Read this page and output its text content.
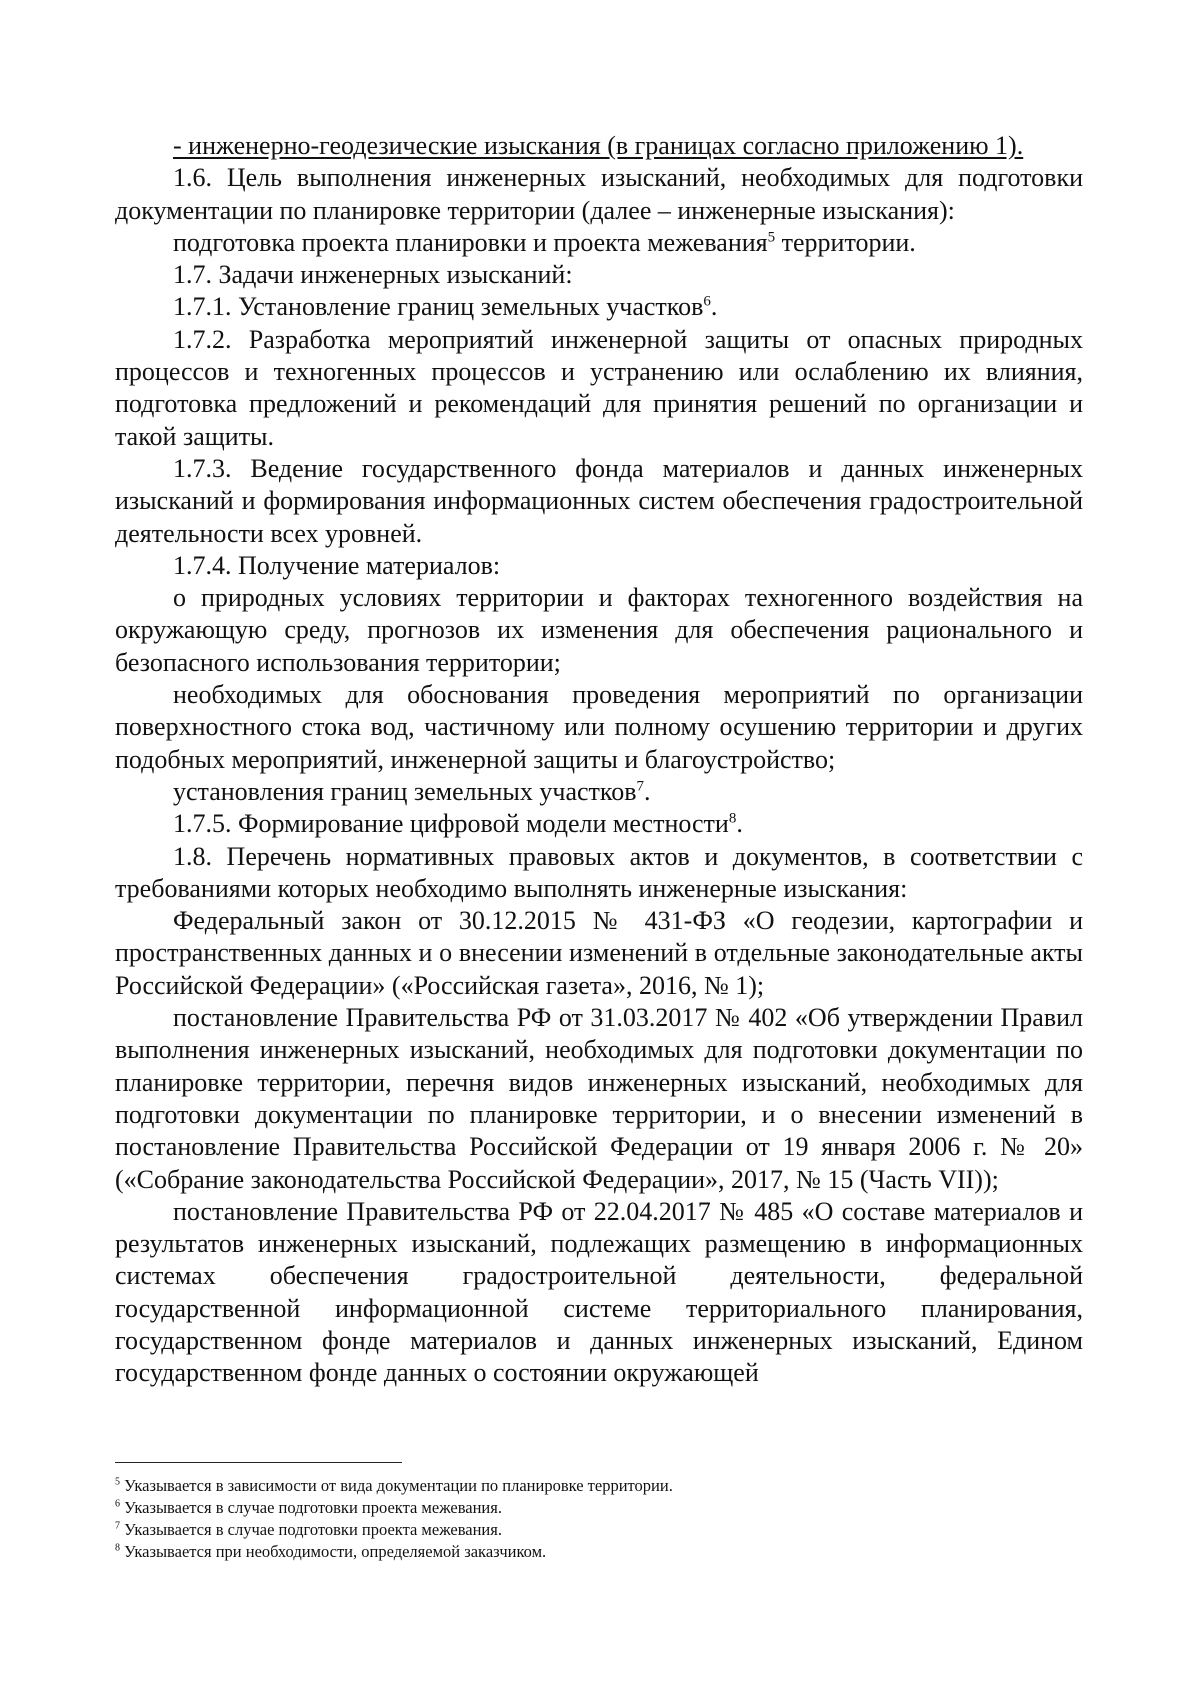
- инженерно-геодезические изыскания (в границах согласно приложению 1).

1.6. Цель выполнения инженерных изысканий, необходимых для подготовки документации по планировке территории (далее – инженерные изыскания):

подготовка проекта планировки и проекта межевания$^5$ территории.

1.7. Задачи инженерных изысканий:

1.7.1. Установление границ земельных участков$^6$.

1.7.2. Разработка мероприятий инженерной защиты от опасных природных процессов и техногенных процессов и устранению или ослаблению их влияния, подготовка предложений и рекомендаций для принятия решений по организации и такой защиты.

1.7.3. Ведение государственного фонда материалов и данных инженерных изысканий и формирования информационных систем обеспечения градостроительной деятельности всех уровней.

1.7.4. Получение материалов:

о природных условиях территории и факторах техногенного воздействия на окружающую среду, прогнозов их изменения для обеспечения рационального и безопасного использования территории;

необходимых для обоснования проведения мероприятий по организации поверхностного стока вод, частичному или полному осушению территории и других подобных мероприятий, инженерной защиты и благоустройство;

установления границ земельных участков$^7$.

1.7.5. Формирование цифровой модели местности$^8$.

1.8. Перечень нормативных правовых актов и документов, в соответствии с требованиями которых необходимо выполнять инженерные изыскания:

Федеральный закон от 30.12.2015 № 431-ФЗ «О геодезии, картографии и пространственных данных и о внесении изменений в отдельные законодательные акты Российской Федерации» («Российская газета», 2016, № 1);

постановление Правительства РФ от 31.03.2017 № 402 «Об утверждении Правил выполнения инженерных изысканий, необходимых для подготовки документации по планировке территории, перечня видов инженерных изысканий, необходимых для подготовки документации по планировке территории, и о внесении изменений в постановление Правительства Российской Федерации от 19 января 2006 г. № 20» («Собрание законодательства Российской Федерации», 2017, № 15 (Часть VII));

постановление Правительства РФ от 22.04.2017 № 485 «О составе материалов и результатов инженерных изысканий, подлежащих размещению в информационных системах обеспечения градостроительной деятельности, федеральной государственной информационной системе территориального планирования, государственном фонде материалов и данных инженерных изысканий, Едином государственном фонде данных о состоянии окружающей

$^5$ Указывается в зависимости от вида документации по планировке территории.

$^6$ Указывается в случае подготовки проекта межевания.

$^7$ Указывается в случае подготовки проекта межевания.

$^8$ Указывается при необходимости, определяемой заказчиком.
